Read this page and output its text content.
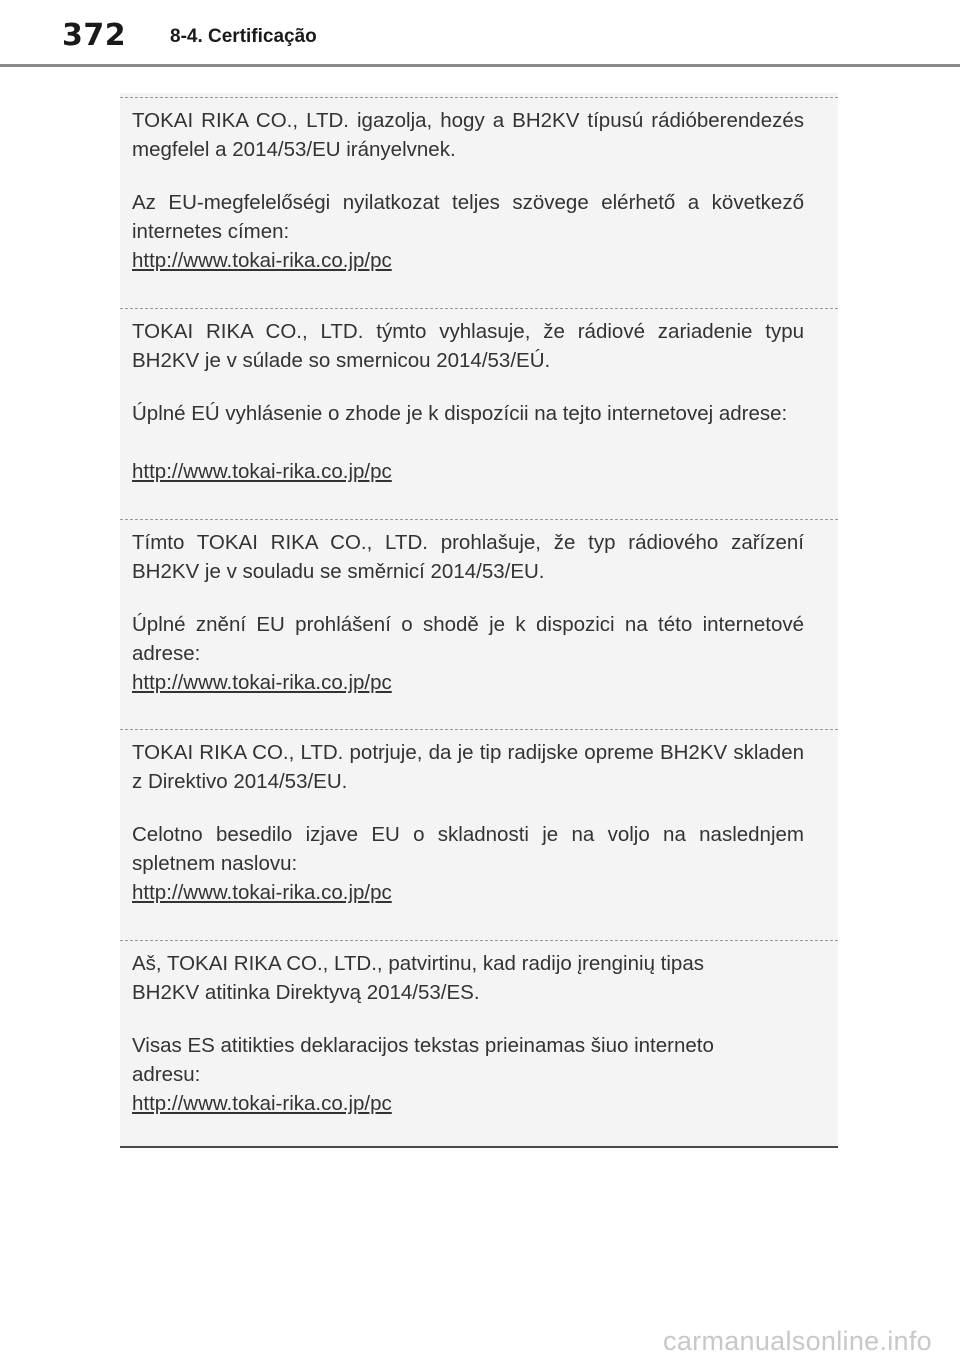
372 8-4. Certificação

TOKAI RIKA CO., LTD. igazolja, hogy a BH2KV típusú rádióberendezés megfelel a 2014/53/EU irányelvnek.

Az EU-megfelelőségi nyilatkozat teljes szövege elérhető a következő internetes címen:

http://www.tokai-rika.co.jp/pc

TOKAI RIKA CO., LTD. týmto vyhlasuje, že rádiové zariadenie typu BH2KV je v súlade so smernicou 2014/53/EÚ.

Úplné EÚ vyhlásenie o zhode je k dispozícii na tejto internetovej adrese:

http://www.tokai-rika.co.jp/pc

Tímto TOKAI RIKA CO., LTD. prohlašuje, že typ rádiového zařízení BH2KV je v souladu se směrnicí 2014/53/EU.

Úplné znění EU prohlášení o shodě je k dispozici na této internetové adrese:

http://www.tokai-rika.co.jp/pc

TOKAI RIKA CO., LTD. potrjuje, da je tip radijske opreme BH2KV skladen z Direktivo 2014/53/EU.

Celotno besedilo izjave EU o skladnosti je na voljo na naslednjem spletnem naslovu:

http://www.tokai-rika.co.jp/pc

Aš, TOKAI RIKA CO., LTD., patvirtinu, kad radijo įrenginių tipas BH2KV atitinka Direktyvą 2014/53/ES.

Visas ES atitikties deklaracijos tekstas prieinamas šiuo interneto adresu:

http://www.tokai-rika.co.jp/pc

carmanualsonline.info
